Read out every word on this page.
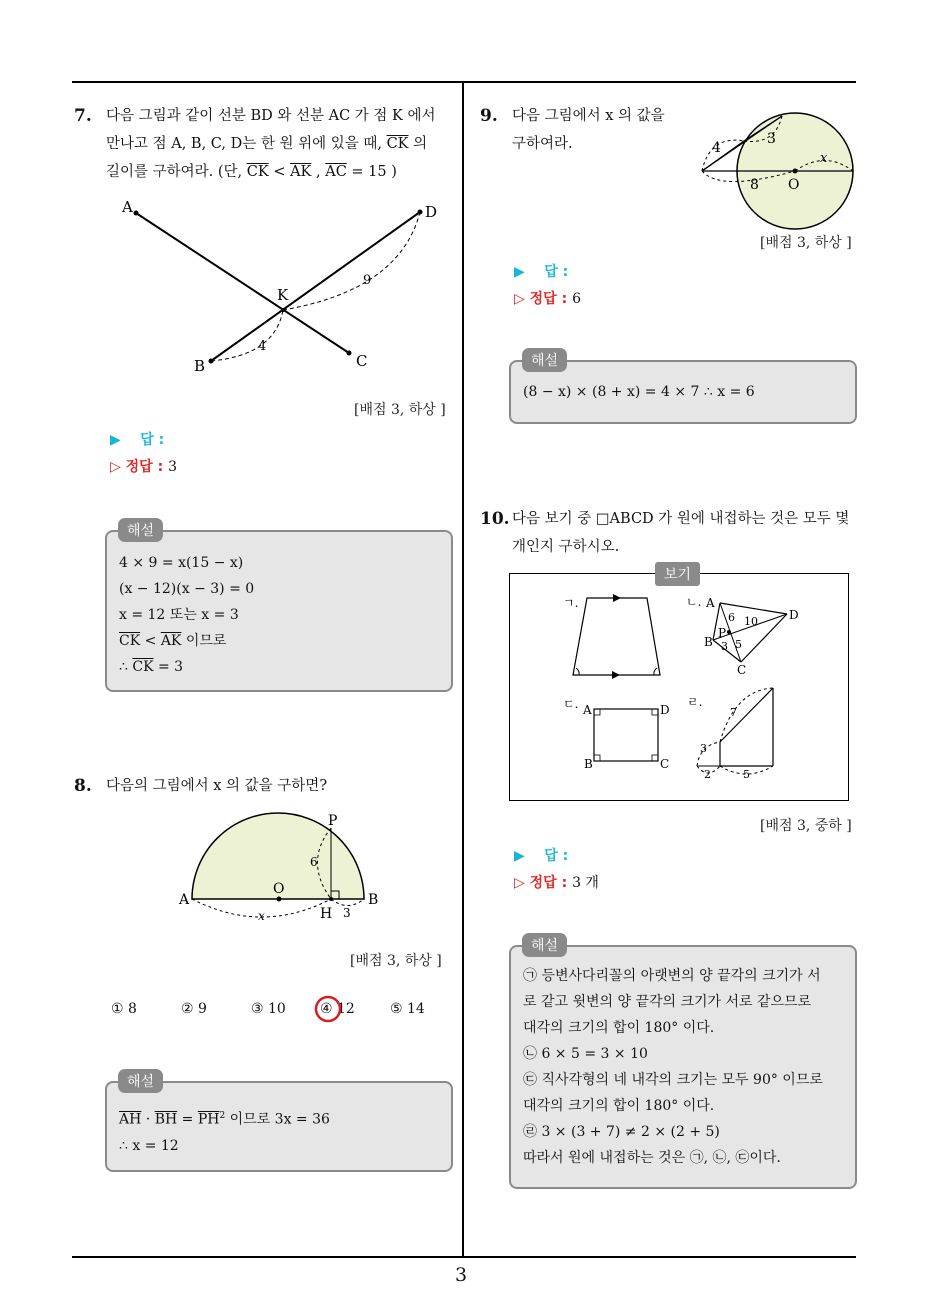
3
7. 다음 그림과 같이 선분 BD 와 선분 AC 가 점 K 에서
만나고 점 A, B, C, D는 한 원 위에 있을 때, $\overline{CK}$ 의
길이를 구하여라. (단, $\overline{CK} < \overline{AK}$ , $\overline{AC} = 15$ )
A
B	C
D
K
9
4
[배점 3, 하상 ]
▶ 답 :
▷ 정답 : 3
4 × 9 = x(15 − x)
(x − 12)(x − 3) = 0
x = 12 또는 x = 3
$\overline{CK} < \overline{AK}$ 이므로
∴ $\overline{CK} = 3$
해설
8. 다음의 그림에서 x 의 값을 구하면?
P
A
O
H
B
6
3
x
[배점 3, 하상 ]
① 8	② 9	③ 10 ④ 12	⑤ 14
$\overline{AH} \cdot \overline{BH} = \overline{PH}^2$ 이므로 3x = 36
∴ x = 12
해설
9. 다음 그림에서 x 의 값을
구하여라.	4
3
8 O
x
[배점 3, 하상 ]
▶ 답 :
▷ 정답 : 6
(8 − x) × (8 + x) = 4 × 7 ∴ x = 6
해설
10. 다음 보기 중 □ABCD 가 원에 내접하는 것은 모두 몇
개인지 구하시오.
보기
ㄱ.	A
B
C
D
P
6 10
3 5
ㄴ.
A	D
B	C
ㄷ.
7
3
2	5
ㄹ.
[배점 3, 중하 ]
▶ 답 :
▷ 정답 : 3 개
㉠ 등변사다리꼴의 아랫변의 양 끝각의 크기가 서
로 같고 윗변의 양 끝각의 크기가 서로 같으므로
대각의 크기의 합이 180° 이다.
㉡ 6 × 5 = 3 × 10
㉢ 직사각형의 네 내각의 크기는 모두 90° 이므로
대각의 크기의 합이 180° 이다.
㉣ 3 × (3 + 7) ≠ 2 × (2 + 5)
따라서 원에 내접하는 것은 ㉠, ㉡, ㉢이다.
해설
